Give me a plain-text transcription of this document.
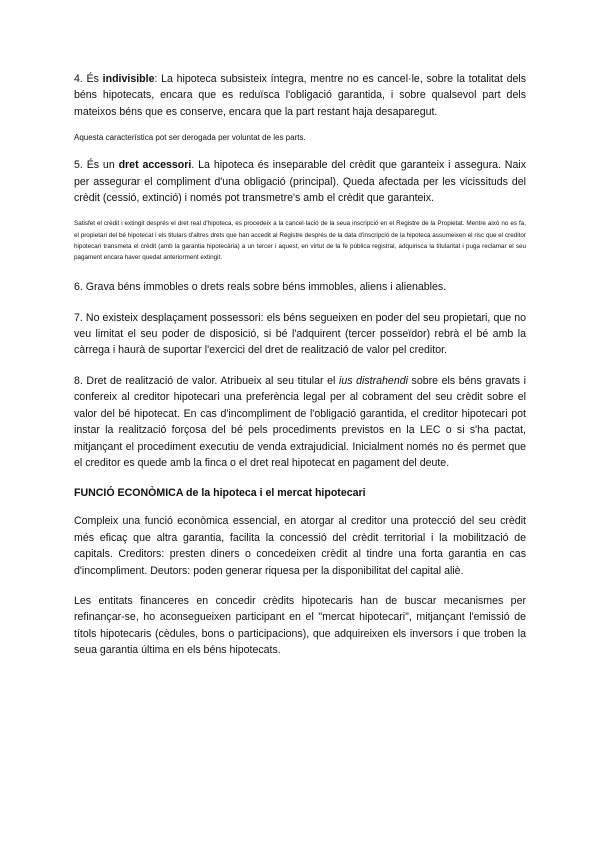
4. És indivisible: La hipoteca subsisteix íntegra, mentre no es cancel·le, sobre la totalitat dels béns hipotecats, encara que es reduïsca l'obligació garantida, i sobre qualsevol part dels mateixos béns que es conserve, encara que la part restant haja desaparegut.

Aquesta característica pot ser derogada per voluntat de les parts.

5. És un dret accessori. La hipoteca és inseparable del crèdit que garanteix i assegura. Naix per assegurar el compliment d'una obligació (principal). Queda afectada per les vicissituds del crèdit (cessió, extinció) i només pot transmetre's amb el crèdit que garanteix.

Satisfet el crèdit i extingit després el dret real d'hipoteca, es procedeix a la cancel·lació de la seua inscripció en el Registre de la Propietat. Mentre això no es fa, el propietari del bé hipotecat i els titulars d'altres drets que han accedit al Registre després de la data d'inscripció de la hipoteca assumeixen el risc que el creditor hipotecari transmeta el crèdit (amb la garantia hipotecària) a un tercer i aquest, en virtut de la fe pública registral, adquirisca la titularitat i puga reclamar el seu pagament encara haver quedat anteriorment extingit.

6. Grava béns immobles o drets reals sobre béns immobles, aliens i alienables.

7. No existeix desplaçament possessori: els béns segueixen en poder del seu propietari, que no veu limitat el seu poder de disposició, si bé l'adquirent (tercer posseïdor) rebrà el bé amb la càrrega i haurà de suportar l'exercici del dret de realització de valor pel creditor.

8. Dret de realització de valor. Atribueix al seu titular el ius distrahendi sobre els béns gravats i confereix al creditor hipotecari una preferència legal per al cobrament del seu crèdit sobre el valor del bé hipotecat. En cas d'incompliment de l'obligació garantida, el creditor hipotecari pot instar la realització forçosa del bé pels procediments previstos en la LEC o si s'ha pactat, mitjançant el procediment executiu de venda extrajudicial. Inicialment només no és permet que el creditor es quede amb la finca o el dret real hipotecat en pagament del deute.

FUNCIÓ ECONÒMICA de la hipoteca i el mercat hipotecari

Compleix una funció econòmica essencial, en atorgar al creditor una protecció del seu crèdit més eficaç que altra garantia, facilita la concessió del crèdit territorial i la mobilització de capitals. Creditors: presten diners o concedeixen crèdit al tindre una forta garantia en cas d'incompliment. Deutors: poden generar riquesa per la disponibilitat del capital aliè.

Les entitats financeres en concedir crèdits hipotecaris han de buscar mecanismes per refinançar-se, ho aconsegueixen participant en el "mercat hipotecari", mitjançant l'emissió de títols hipotecaris (cèdules, bons o participacions), que adquireixen els inversors i que troben la seua garantia última en els béns hipotecats.
